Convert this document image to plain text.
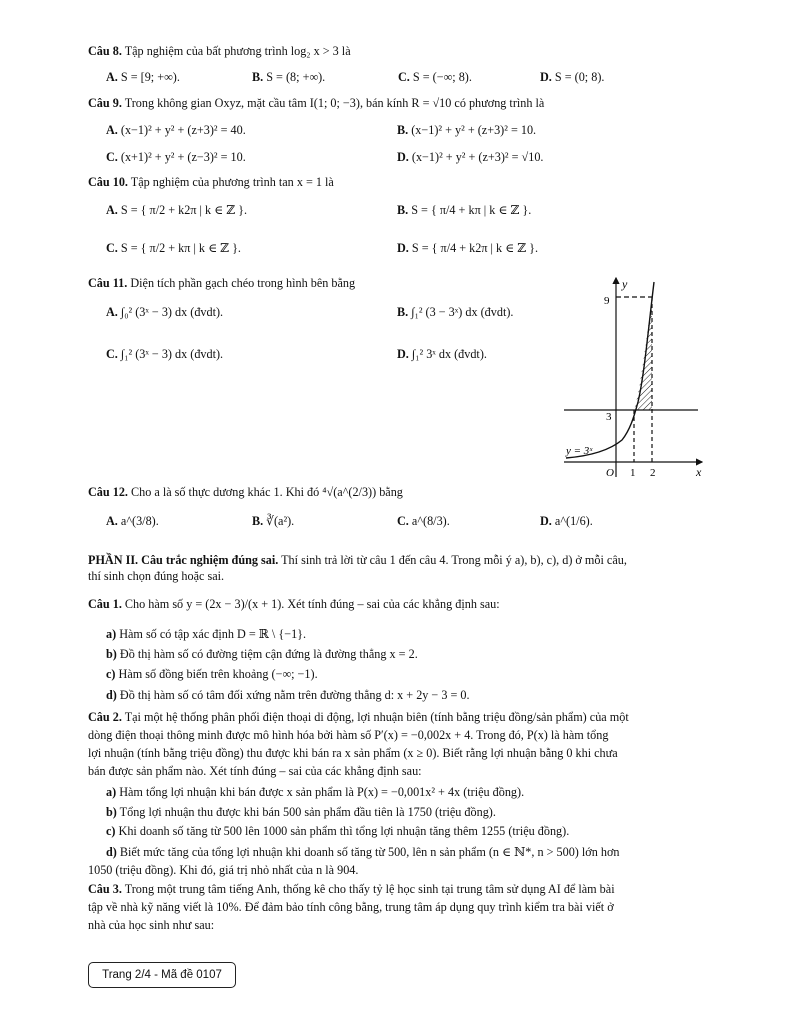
Câu 8. Tập nghiệm của bất phương trình log₂ x > 3 là
A. S = [9; +∞).	B. S = (8; +∞).	C. S = (−∞; 8).	D. S = (0; 8).
Câu 9. Trong không gian Oxyz, mặt cầu tâm I(1; 0; −3), bán kính R = √10 có phương trình là
A. (x−1)² + y² + (z+3)² = 40.	B. (x−1)² + y² + (z+3)² = 10.
C. (x+1)² + y² + (z−3)² = 10.	D. (x−1)² + y² + (z+3)² = √10.
Câu 10. Tập nghiệm của phương trình tan x = 1 là
A. S = { π/2 + k2π | k ∈ ℤ }.	B. S = { π/4 + kπ | k ∈ ℤ }.
C. S = { π/2 + kπ | k ∈ ℤ }.	D. S = { π/4 + k2π | k ∈ ℤ }.
Câu 11. Diện tích phần gạch chéo trong hình bên bằng
A. ∫₀² (3ˣ − 3) dx (đvdt).	B. ∫₁² (3 − 3ˣ) dx (đvdt).
C. ∫₁² (3ˣ − 3) dx (đvdt).	D. ∫₁² 3ˣ dx (đvdt).
y
x
9
3
O 1 2
y = 3ˣ
Câu 12. Cho a là số thực dương khác 1. Khi đó ⁴√(a^(2/3)) bằng
A. a^(3/8).	B. ∛(a²).	C. a^(8/3).	D. a^(1/6).
PHẦN II. Câu trắc nghiệm đúng sai. Thí sinh trả lời từ câu 1 đến câu 4. Trong mỗi ý a), b), c), d) ở mỗi câu,
thí sinh chọn đúng hoặc sai.
Câu 1. Cho hàm số y = (2x − 3)/(x + 1). Xét tính đúng – sai của các khẳng định sau:
a) Hàm số có tập xác định D = ℝ \ {−1}.
b) Đồ thị hàm số có đường tiệm cận đứng là đường thẳng x = 2.
c) Hàm số đồng biến trên khoảng (−∞; −1).
d) Đồ thị hàm số có tâm đối xứng nằm trên đường thẳng d: x + 2y − 3 = 0.
Câu 2. Tại một hệ thống phân phối điện thoại di động, lợi nhuận biên (tính bằng triệu đồng/sản phẩm) của một
dòng điện thoại thông minh được mô hình hóa bởi hàm số P′(x) = −0,002x + 4. Trong đó, P(x) là hàm tổng
lợi nhuận (tính bằng triệu đồng) thu được khi bán ra x sản phẩm (x ≥ 0). Biết rằng lợi nhuận bằng 0 khi chưa
bán được sản phẩm nào. Xét tính đúng – sai của các khẳng định sau:
a) Hàm tổng lợi nhuận khi bán được x sản phẩm là P(x) = −0,001x² + 4x (triệu đồng).
b) Tổng lợi nhuận thu được khi bán 500 sản phẩm đầu tiên là 1750 (triệu đồng).
c) Khi doanh số tăng từ 500 lên 1000 sản phẩm thì tổng lợi nhuận tăng thêm 1255 (triệu đồng).
d) Biết mức tăng của tổng lợi nhuận khi doanh số tăng từ 500, lên n sản phẩm (n ∈ ℕ*, n > 500) lớn hơn
1050 (triệu đồng). Khi đó, giá trị nhỏ nhất của n là 904.
Câu 3. Trong một trung tâm tiếng Anh, thống kê cho thấy tỷ lệ học sinh tại trung tâm sử dụng AI để làm bài
tập về nhà kỹ năng viết là 10%. Để đảm bảo tính công bằng, trung tâm áp dụng quy trình kiểm tra bài viết ở
nhà của học sinh như sau:
Trang 2/4 - Mã đề 0107
